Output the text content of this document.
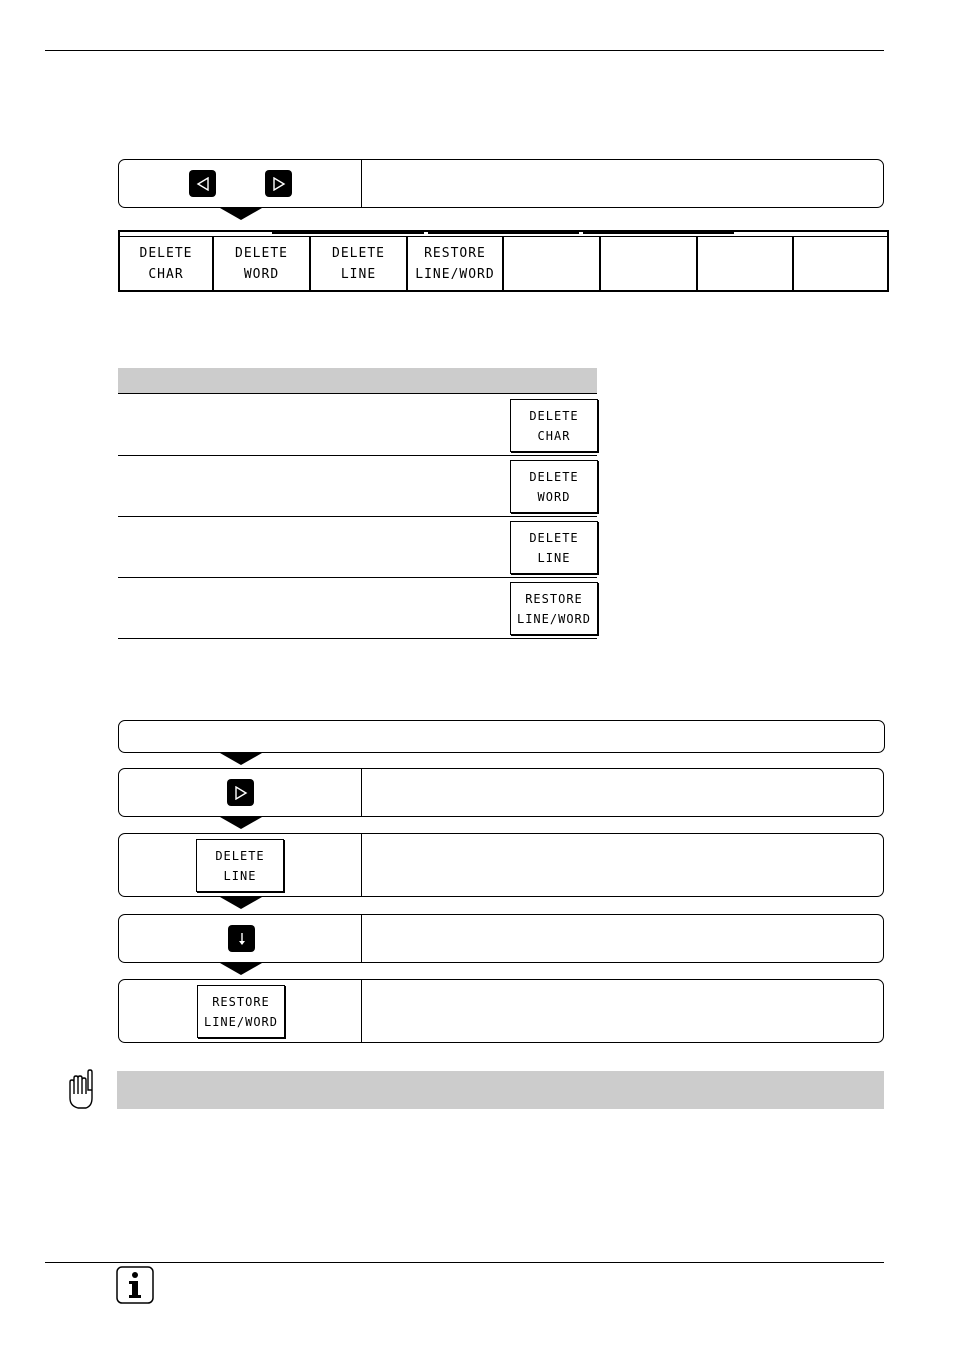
DELETE
CHAR
DELETE
WORD
DELETE
LINE
RESTORE
LINE/WORD
DELETE
CHAR
DELETE
WORD
DELETE
LINE
RESTORE
LINE/WORD
DELETE
LINE
RESTORE
LINE/WORD
